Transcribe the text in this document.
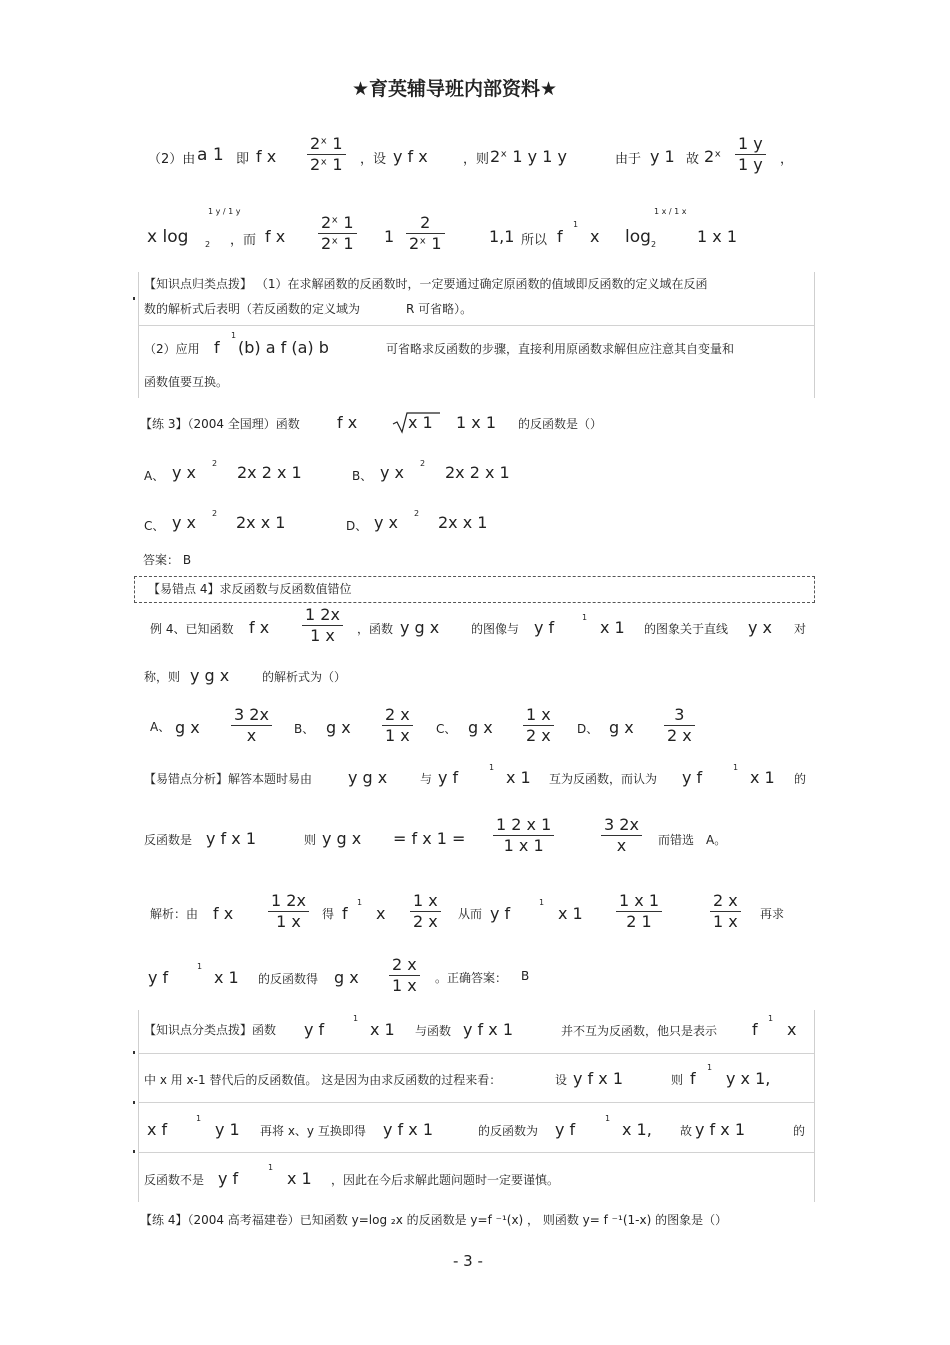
★育英辅导班内部资料★
（2）由 a 1 即 f x $\frac{\text{2ˣ 1}}{\text{2ˣ 1}}$ ，设 y f x	，则 2ˣ 1 y 1 y	由于 y 1 故 2ˣ $\frac{1 y}{1 y}$ ，
x log 2
1 y / 1 y
，而 f x $\frac{\text{2ˣ 1}}{\text{2ˣ 1}} 1 \frac{2}{\text{2ˣ 1}}$	1,1 所以 f
1
x log 2
1 x / 1 x
1 x 1
【知识点归类点拨】 （1）在求解函数的反函数时，一定要通过确定原函数的值域即反函数的定义域在反函
数的解析式后表明（若反函数的定义域为	R 可省略）。
（2）应用 f
1
(b) a f (a) b	可省略求反函数的步骤，直接利用原函数求解但应注意其自变量和
函数值要互换。
【练 3】（2004 全国理）函数 f x	x 1 1 x 1 的反函数是（）
A、 y x 2 2x 2 x 1	B、 y x 2 2x 2 x 1
C、 y x 2 2x x 1	D、 y x 2 2x x 1
答案： B
【易错点 4】求反函数与反函数值错位
例 4、已知函数 f x $\frac{1 2x}{1 x}$ ，函数 y g x	的图像与 y f
1
x 1 的图象关于直线 y x 对
称，则 y g x	的解析式为（）
A、 g x $\frac{3 2x}{x}$ B、 g x $\frac{2 x}{1 x}$ C、 g x $\frac{1 x}{2 x}$ D、 g x $\frac{3}{2 x}$
【易错点分析】解答本题时易由 y g x	与 y f
1
x 1 互为反函数，而认为 y f
1
x 1 的
反函数是 y f x 1	则 y g x = f x $1 = \frac{1 2 x 1}{1 x 1}$	$\frac{3 2x}{x}$ 而错选 A。
解析：由 f x $\frac{1 2x}{1 x}$ 得 f
1
x $\frac{1 x}{2 x}$ 从而 y f
1
x $1 \frac{1 x 1}{2 1}$	$\frac{2 x}{1 x}$ 再求
y f
1
x 1 的反函数得 g x $\frac{2 x}{1 x}$ 。正确答案： B
【知识点分类点拨】函数 y f
1
x 1 与函数 y f x 1	并不互为反函数，他只是表示 f
1
x
中 x 用 x-1 替代后的反函数值。 这是因为由求反函数的过程来看：	设 y f x 1	则 f
1
y x 1,
x f
1
y 1 再将 x、y 互换即得 y f x 1	的反函数为 y f
1
x 1, 故 y f x 1	的
反函数不是 y f
1
x 1 ，因此在今后求解此题问题时一定要谨慎。
【练 4】（2004 高考福建卷）已知函数 y=log ₂x 的反函数是 y=f ⁻¹(x) ， 则函数 y= f ⁻¹(1-x) 的图象是（）
- 3 -
